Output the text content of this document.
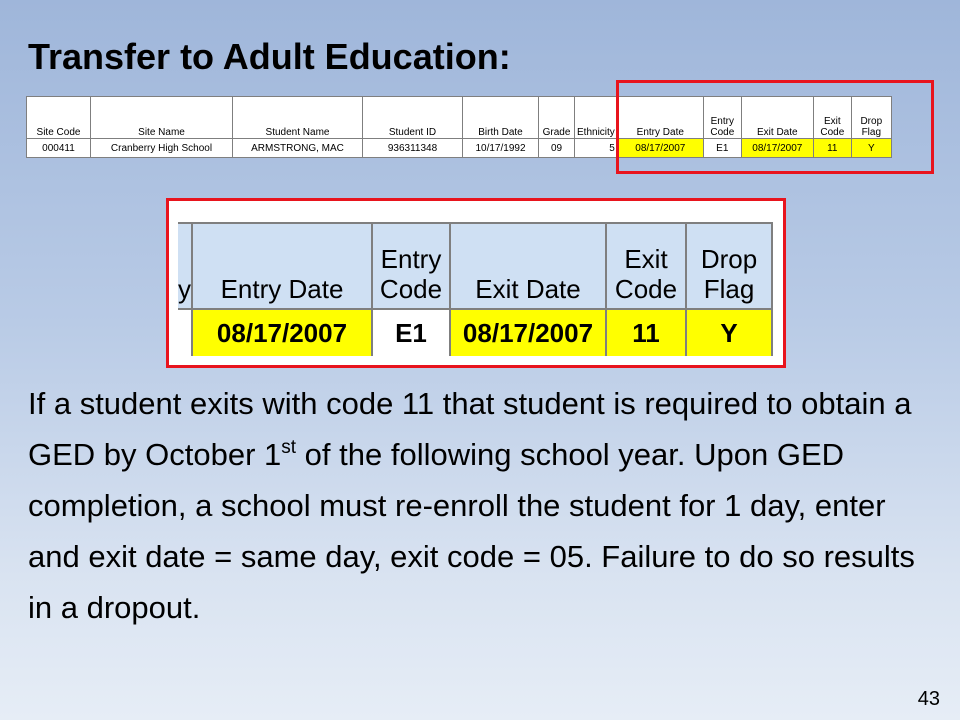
Transfer to Adult Education:
Site Code	Site Name	Student Name	Student ID	Birth Date	Grade	Ethnicity	Entry Date	Entry Code	Exit Date	Exit Code	Drop Flag
000411	Cranberry High School	ARMSTRONG, MAC	936311348	10/17/1992	09	5	08/17/2007	E1	08/17/2007	11	Y
y	Entry Date	Entry Code	Exit Date	Exit Code	Drop Flag
	08/17/2007	E1	08/17/2007	11	Y
If a student exits with code 11 that student is required to obtain a GED by October 1st of the following school year. Upon GED completion, a school must re-enroll the student for 1 day, enter and exit date = same day, exit code = 05. Failure to do so results in a dropout.
43
